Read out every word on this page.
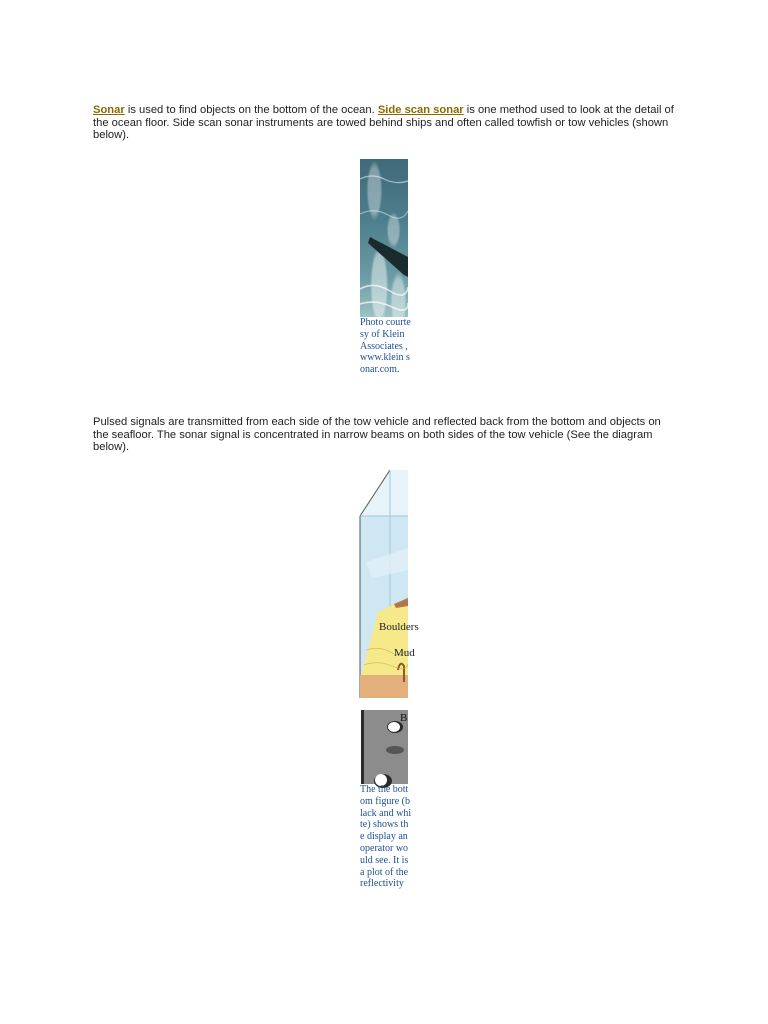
Sonar is used to find objects on the bottom of the ocean. Side scan sonar is one method used to look at the detail of the ocean floor. Side scan sonar instruments are towed behind ships and often called towfish or tow vehicles (shown below).
Photo courtesy of Klein Associates , www.klein sonar.com.
Pulsed signals are transmitted from each side of the tow vehicle and reflected back from the bottom and objects on the seafloor. The sonar signal is concentrated in narrow beams on both sides of the tow vehicle (See the diagram below).
Boulders
Mud
B
The the bottom figure (black and white) shows the display anoperator would see. It is a plot of the reflectivity
